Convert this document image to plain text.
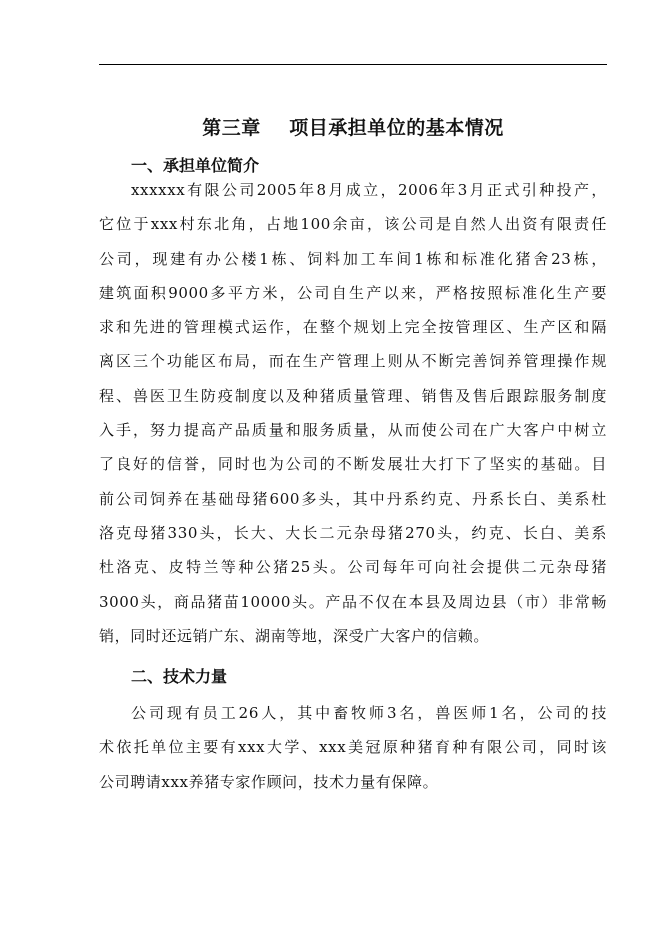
第三章    项目承担单位的基本情况
一、承担单位简介
xxxxxx有限公司2005年8月成立，2006年3月正式引种投产，
它位于xxx村东北角，占地100余亩，该公司是自然人出资有限责任
公司，现建有办公楼1栋、饲料加工车间1栋和标准化猪舍23栋，
建筑面积9000多平方米，公司自生产以来，严格按照标准化生产要
求和先进的管理模式运作，在整个规划上完全按管理区、生产区和隔
离区三个功能区布局，而在生产管理上则从不断完善饲养管理操作规
程、兽医卫生防疫制度以及种猪质量管理、销售及售后跟踪服务制度
入手，努力提高产品质量和服务质量，从而使公司在广大客户中树立
了良好的信誉，同时也为公司的不断发展壮大打下了坚实的基础。目
前公司饲养在基础母猪600多头，其中丹系约克、丹系长白、美系杜
洛克母猪330头，长大、大长二元杂母猪270头，约克、长白、美系
杜洛克、皮特兰等种公猪25头。公司每年可向社会提供二元杂母猪
3000头，商品猪苗10000头。产品不仅在本县及周边县（市）非常畅
销，同时还远销广东、湖南等地，深受广大客户的信赖。
二、技术力量
公司现有员工26人，其中畜牧师3名，兽医师1名，公司的技
术依托单位主要有xxx大学、xxx美冠原种猪育种有限公司，同时该
公司聘请xxx养猪专家作顾问，技术力量有保障。
